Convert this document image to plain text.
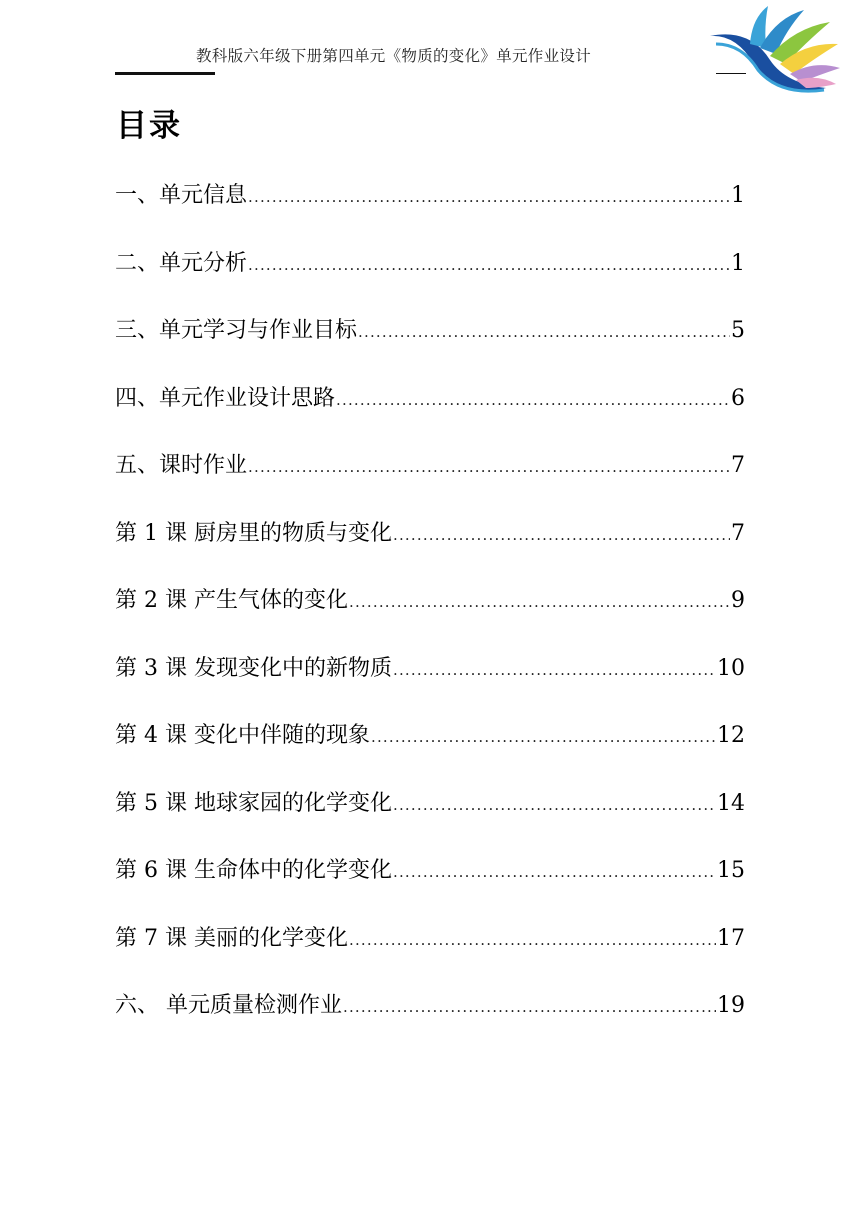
教科版六年级下册第四单元《物质的变化》单元作业设计
目录
一、单元信息 .....	1
二、单元分析 .....	1
三、单元学习与作业目标 .....	5
四、单元作业设计思路 .....	6
五、课时作业 .....	7
第 1 课 厨房里的物质与变化 .....	7
第 2 课 产生气体的变化 .....	9
第 3 课 发现变化中的新物质 .....	10
第 4 课 变化中伴随的现象 .....	12
第 5 课 地球家园的化学变化 .....	14
第 6 课 生命体中的化学变化 .....	15
第 7 课 美丽的化学变化 .....	17
六、 单元质量检测作业 .....	19
